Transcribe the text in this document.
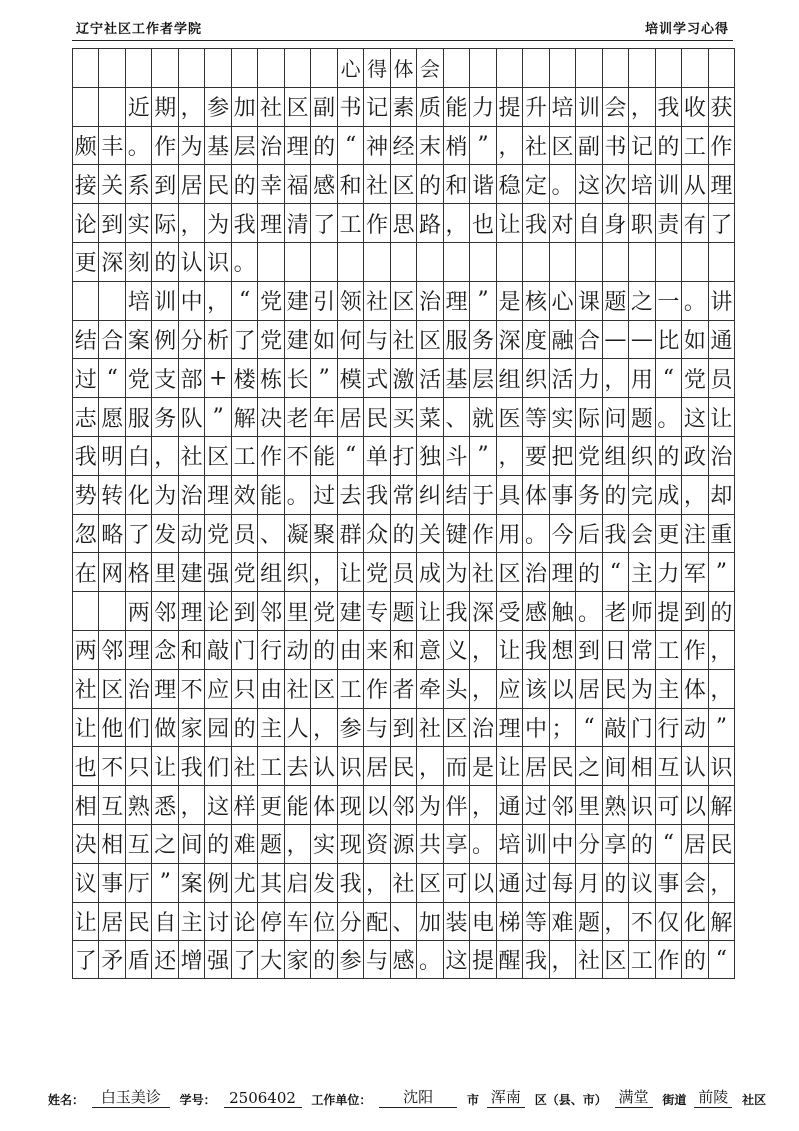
辽宁社区工作者学院	培训学习心得
心 得 体 会

近 期 ， 参 加 社 区 副 书 记 素 质 能 力 提 升 培 训 会 ， 我 收 获
颇 丰 。 作 为 基 层 治 理 的 “ 神 经 末 梢 ” ， 社 区 副 书 记 的 工 作
接 关 系 到 居 民 的 幸 福 感 和 社 区 的 和 谐 稳 定 。 这 次 培 训 从 理
论 到 实 际 ， 为 我 理 清 了 工 作 思 路 ， 也 让 我 对 自 身 职 责 有 了
更 深 刻 的 认 识 。

培 训 中 ， “ 党 建 引 领 社 区 治 理 ” 是 核 心 课 题 之 一 。 讲
结 合 案 例 分 析 了 党 建 如 何 与 社 区 服 务 深 度 融 合 — — 比 如 通
过 “ 党 支 部 + 楼 栋 长 ” 模 式 激 活 基 层 组 织 活 力 ， 用 “ 党 员
志 愿 服 务 队 ” 解 决 老 年 居 民 买 菜 、 就 医 等 实 际 问 题 。 这 让
我 明 白 ， 社 区 工 作 不 能 “ 单 打 独 斗 ” ， 要 把 党 组 织 的 政 治
势 转 化 为 治 理 效 能 。 过 去 我 常 纠 结 于 具 体 事 务 的 完 成 ， 却
忽 略 了 发 动 党 员 、 凝 聚 群 众 的 关 键 作 用 。 今 后 我 会 更 注 重
在 网 格 里 建 强 党 组 织 ， 让 党 员 成 为 社 区 治 理 的 “ 主 力 军 ”

两 邻 理 论 到 邻 里 党 建 专 题 让 我 深 受 感 触 。 老 师 提 到 的
两 邻 理 念 和 敲 门 行 动 的 由 来 和 意 义 ， 让 我 想 到 日 常 工 作 ，
社 区 治 理 不 应 只 由 社 区 工 作 者 牵 头 ， 应 该 以 居 民 为 主 体 ，
让 他 们 做 家 园 的 主 人 ， 参 与 到 社 区 治 理 中 ； “ 敲 门 行 动 ”
也 不 只 让 我 们 社 工 去 认 识 居 民 ， 而 是 让 居 民 之 间 相 互 认 识
相 互 熟 悉 ， 这 样 更 能 体 现 以 邻 为 伴 ， 通 过 邻 里 熟 识 可 以 解
决 相 互 之 间 的 难 题 ， 实 现 资 源 共 享 。 培 训 中 分 享 的 “ 居 民
议 事 厅 ” 案 例 尤 其 启 发 我 ， 社 区 可 以 通 过 每 月 的 议 事 会 ，
让 居 民 自 主 讨 论 停 车 位 分 配 、 加 装 电 梯 等 难 题 ， 不 仅 化 解
了 矛 盾 还 增 强 了 大 家 的 参 与 感 。 这 提 醒 我 ， 社 区 工 作 的 “
姓名： 白玉美诊 学号： 2506402 工作单位： 沈阳	市 浑南 区（县、市） 满堂 街道 前陵 社区
